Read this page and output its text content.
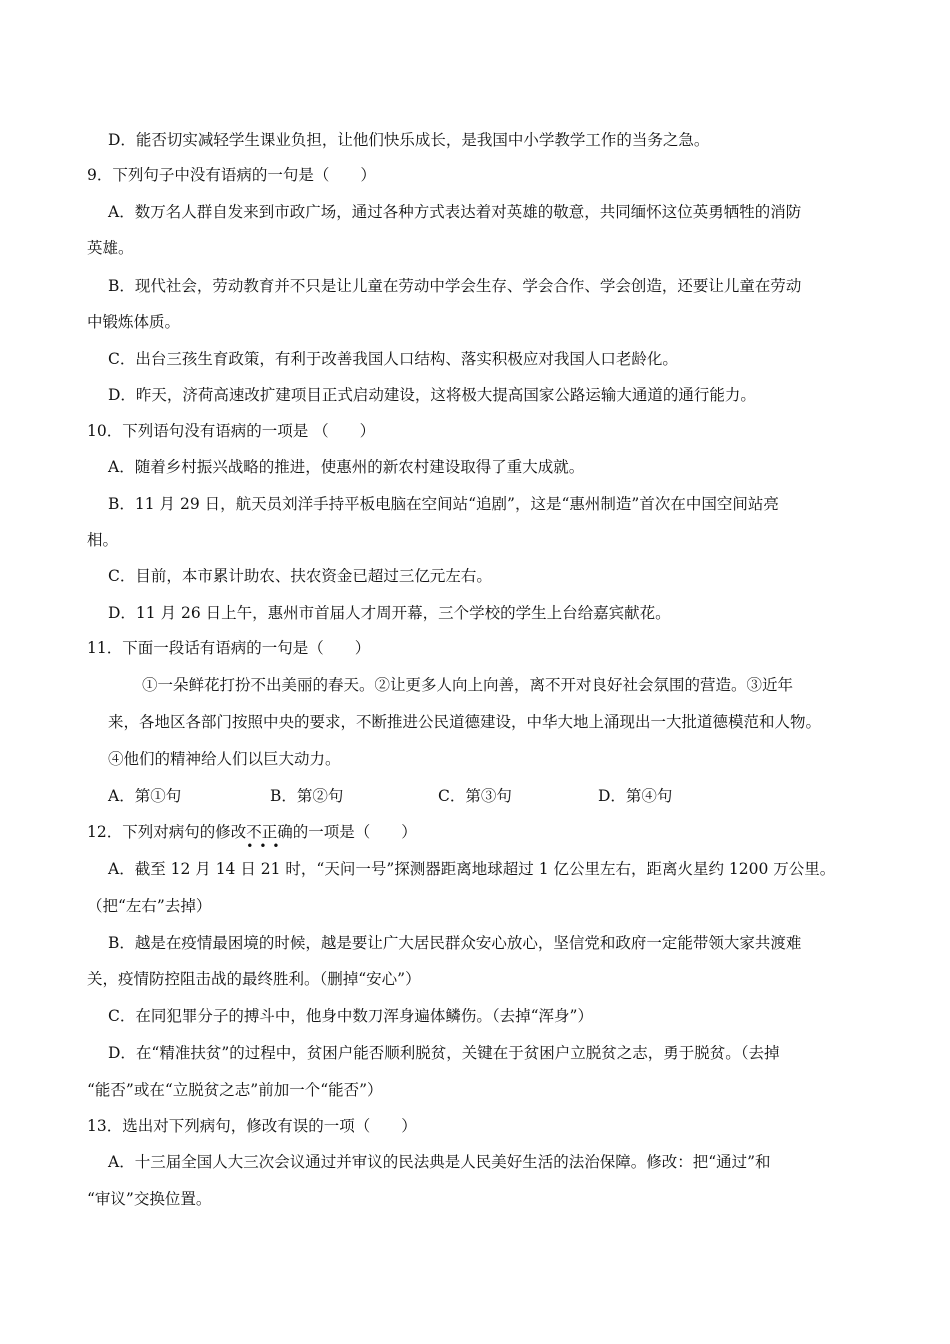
D．能否切实减轻学生课业负担，让他们快乐成长，是我国中小学教学工作的当务之急。
9．下列句子中没有语病的一句是（　　）
A．数万名人群自发来到市政广场，通过各种方式表达着对英雄的敬意，共同缅怀这位英勇牺牲的消防
英雄。
B．现代社会，劳动教育并不只是让儿童在劳动中学会生存、学会合作、学会创造，还要让儿童在劳动
中锻炼体质。
C．出台三孩生育政策，有利于改善我国人口结构、落实积极应对我国人口老龄化。
D．昨天，济荷高速改扩建项目正式启动建设，这将极大提高国家公路运输大通道的通行能力。
10．下列语句没有语病的一项是 （　　）
A．随着乡村振兴战略的推进，使惠州的新农村建设取得了重大成就。
B．11 月 29 日，航天员刘洋手持平板电脑在空间站“追剧”，这是“惠州制造”首次在中国空间站亮
相。
C．目前，本市累计助农、扶农资金已超过三亿元左右。
D．11 月 26 日上午，惠州市首届人才周开幕，三个学校的学生上台给嘉宾献花。
11．下面一段话有语病的一句是（　　）
①一朵鲜花打扮不出美丽的春天。②让更多人向上向善，离不开对良好社会氛围的营造。③近年
来，各地区各部门按照中央的要求，不断推进公民道德建设，中华大地上涌现出一大批道德模范和人物。
④他们的精神给人们以巨大动力。
A．第①句	B．第②句	C．第③句	D．第④句
12．下列对病句的修改不正确
•••
的一项是（　　）
A．截至 12 月 14 日 21 时，“天问一号”探测器距离地球超过 1 亿公里左右，距离火星约 1200 万公里。
（把“左右”去掉）
B．越是在疫情最困境的时候，越是要让广大居民群众安心放心，坚信党和政府一定能带领大家共渡难
关，疫情防控阻击战的最终胜利。（删掉“安心”）
C．在同犯罪分子的搏斗中，他身中数刀浑身遍体鳞伤。（去掉“浑身”）
D．在“精准扶贫”的过程中，贫困户能否顺利脱贫，关键在于贫困户立脱贫之志，勇于脱贫。（去掉
“能否”或在“立脱贫之志”前加一个“能否”）
13．选出对下列病句，修改有误的一项（　　）
A．十三届全国人大三次会议通过并审议的民法典是人民美好生活的法治保障。修改：把“通过”和
“审议”交换位置。
